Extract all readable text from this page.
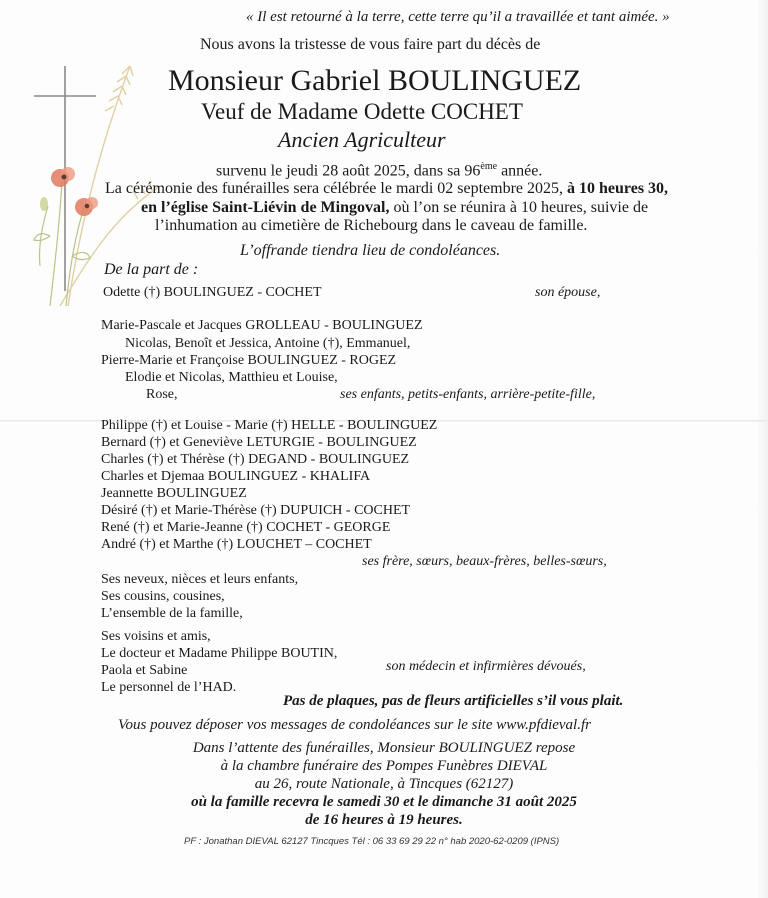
« Il est retourné à la terre, cette terre qu’il a travaillée et tant aimée. »
Nous avons la tristesse de vous faire part du décès de
Monsieur Gabriel BOULINGUEZ
Veuf de Madame Odette COCHET
Ancien Agriculteur
survenu le jeudi 28 août 2025, dans sa 96ème année.
La cérémonie des funérailles sera célébrée le mardi 02 septembre 2025, à 10 heures 30,
en l’église Saint-Liévin de Mingoval, où l’on se réunira à 10 heures, suivie de
l’inhumation au cimetière de Richebourg dans le caveau de famille.
L’offrande tiendra lieu de condoléances.
De la part de :
Odette (†) BOULINGUEZ - COCHET	son épouse,
Marie-Pascale et Jacques GROLLEAU - BOULINGUEZ
Nicolas, Benoît et Jessica, Antoine (†), Emmanuel,
Pierre-Marie et Françoise BOULINGUEZ - ROGEZ
Elodie et Nicolas, Matthieu et Louise,
Rose,	ses enfants, petits-enfants, arrière-petite-fille,
Philippe (†) et Louise - Marie (†) HELLE - BOULINGUEZ
Bernard (†) et Geneviève LETURGIE - BOULINGUEZ
Charles (†) et Thérèse (†) DEGAND - BOULINGUEZ
Charles et Djemaa BOULINGUEZ - KHALIFA
Jeannette BOULINGUEZ
Désiré (†) et Marie-Thérèse (†) DUPUICH - COCHET
René (†) et Marie-Jeanne (†) COCHET - GEORGE
André (†) et Marthe (†) LOUCHET – COCHET
ses frère, sœurs, beaux-frères, belles-sœurs,
Ses neveux, nièces et leurs enfants,
Ses cousins, cousines,
L’ensemble de la famille,
Ses voisins et amis,
Le docteur et Madame Philippe BOUTIN,
Paola et Sabine	son médecin et infirmières dévoués,
Le personnel de l’HAD.
Pas de plaques, pas de fleurs artificielles s’il vous plait.
Vous pouvez déposer vos messages de condoléances sur le site www.pfdieval.fr
Dans l’attente des funérailles, Monsieur BOULINGUEZ repose
à la chambre funéraire des Pompes Funèbres DIEVAL
au 26, route Nationale, à Tincques (62127)
où la famille recevra le samedi 30 et le dimanche 31 août 2025
de 16 heures à 19 heures.
PF : Jonathan DIEVAL 62127 Tincques Tél : 06 33 69 29 22 n° hab 2020-62-0209 (IPNS)
